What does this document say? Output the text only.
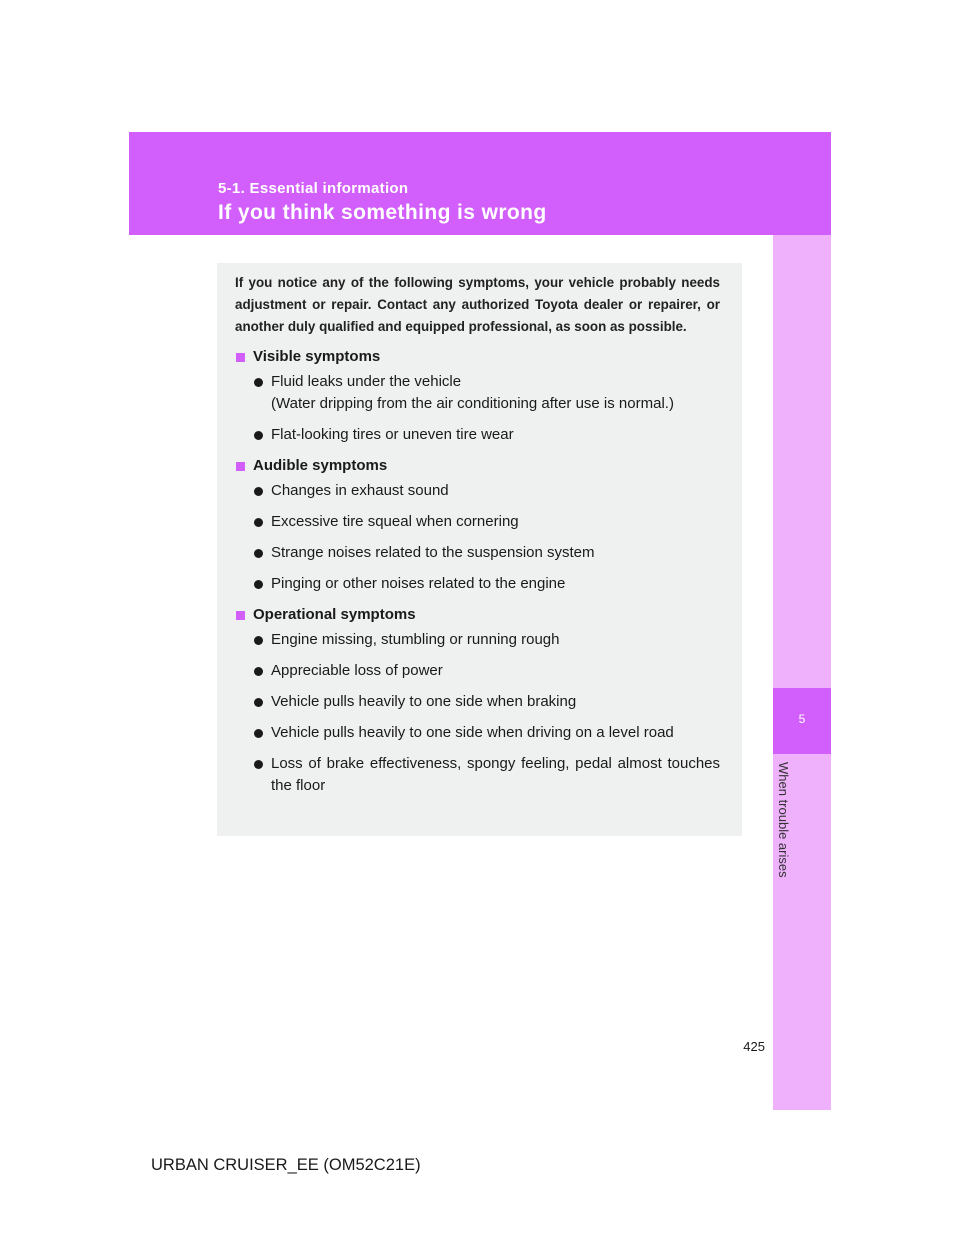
5-1. Essential information
If you think something is wrong
5
When trouble arises

If you notice any of the following symptoms, your vehicle probably needs adjustment or repair. Contact any authorized Toyota dealer or repairer, or another duly qualified and equipped professional, as soon as possible.

Visible symptoms
Fluid leaks under the vehicle
(Water dripping from the air conditioning after use is normal.)
Flat-looking tires or uneven tire wear
Audible symptoms
Changes in exhaust sound
Excessive tire squeal when cornering
Strange noises related to the suspension system
Pinging or other noises related to the engine
Operational symptoms
Engine missing, stumbling or running rough
Appreciable loss of power
Vehicle pulls heavily to one side when braking
Vehicle pulls heavily to one side when driving on a level road
Loss of brake effectiveness, spongy feeling, pedal almost touches the floor
425
URBAN CRUISER_EE (OM52C21E)
